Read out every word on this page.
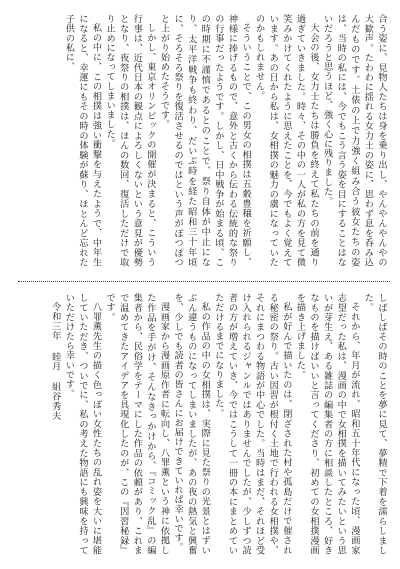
合う姿に、見物人たちは身を乗り出し、やんやんやんやの大歓声。たわわに揺れる女力士の姿に、思わず息を呑み込んだものです。土俵の上で力強く組み合う彼女たちの姿は、当時の私には、今でもこう言う姿を目にすることはないだろうと思うほど、強く心に残りました。

大会の後、女力士たちは勝負を終えて私たちの前を通り過ぎていきました。時々、その中の一人が私の方を見て微笑みかけてくれたように思えたことを、今でもよく覚えています。あの日から私は、女相撲の魅力の虜になっていたのかもしれません。

そういうことで、この男女の相撲は五穀豊穣を祈願し、神様に捧げるもので、意外と古くから伝わる伝統的な祭りの行事だったようです。しかし、日中戦争が始まる頃、この時期に不謹慎であるとのことで、祭り自体が中止になり、太平洋戦争も終わり、だいぶ時を経た昭和三十年頃に、そろそろ祭りを復活させるのではという声がぽつぽつと上がり始めたそうです。

しかし、東京オリンピックの開催が決まると、こういう行事は、近代日本の観点によろしくないという意見が優勢となり、夜祭りの相撲は、ほんの数回、復活しただけで取り止めになってしまいました。

私の中に、この相撲は強い衝撃を与えたようで、中年生になると、幸運にもその時の体験が蘇り、ほとんど忘れた子供の私に、

しばしばその時のことを夢に見て、夢精で下着を濡らしました。

それから、年月が流れ、昭和五十年代になった頃、漫画家志望だった私は、漫画の中で女相撲を描いてみたいという思いが芽生え、ある雑誌の編集者の方に相談したところ、好きなものを描けばいいと言ってくださり、初めての女相撲漫画を描き上げました。

私が好んで描いたのは、閉ざされた村や孤島だけで催される秘密の祭り。古い因習が根付く土地で行われる女相撲や、それにまつわる物語が中心でした。当時はまだ、それほど受け入れられるジャンルではありませんでしたが、少しずつ読者の方が増えていき、今ではこうして一冊の本にまとめていただけるまでになりました。

私の作品の中の女相撲は、実際に見た祭りの光景とはずいぶん違うものになってしまいましたが、あの夜の熱気と興奮を、少しでも読者の皆さんにお届けできていれば幸いです。

漫画家から漫画原作者に転向し、八罪薫という神に依拠した作品を手がけ、そんなきっかけから、『コミック乱』の編集者から、民俗学をテーマにした作品の依頼があり、これまで温めてきたアイデアを具現化したのが、この『因習秘録』です。

八罪薫先生の描く色っぽい女性たちの乱れ姿を大いに堪能していただき、ついでに、私の考えた物語にも興味を持っていただけたら幸いです。

令和三年 睦月組谷秀夫
